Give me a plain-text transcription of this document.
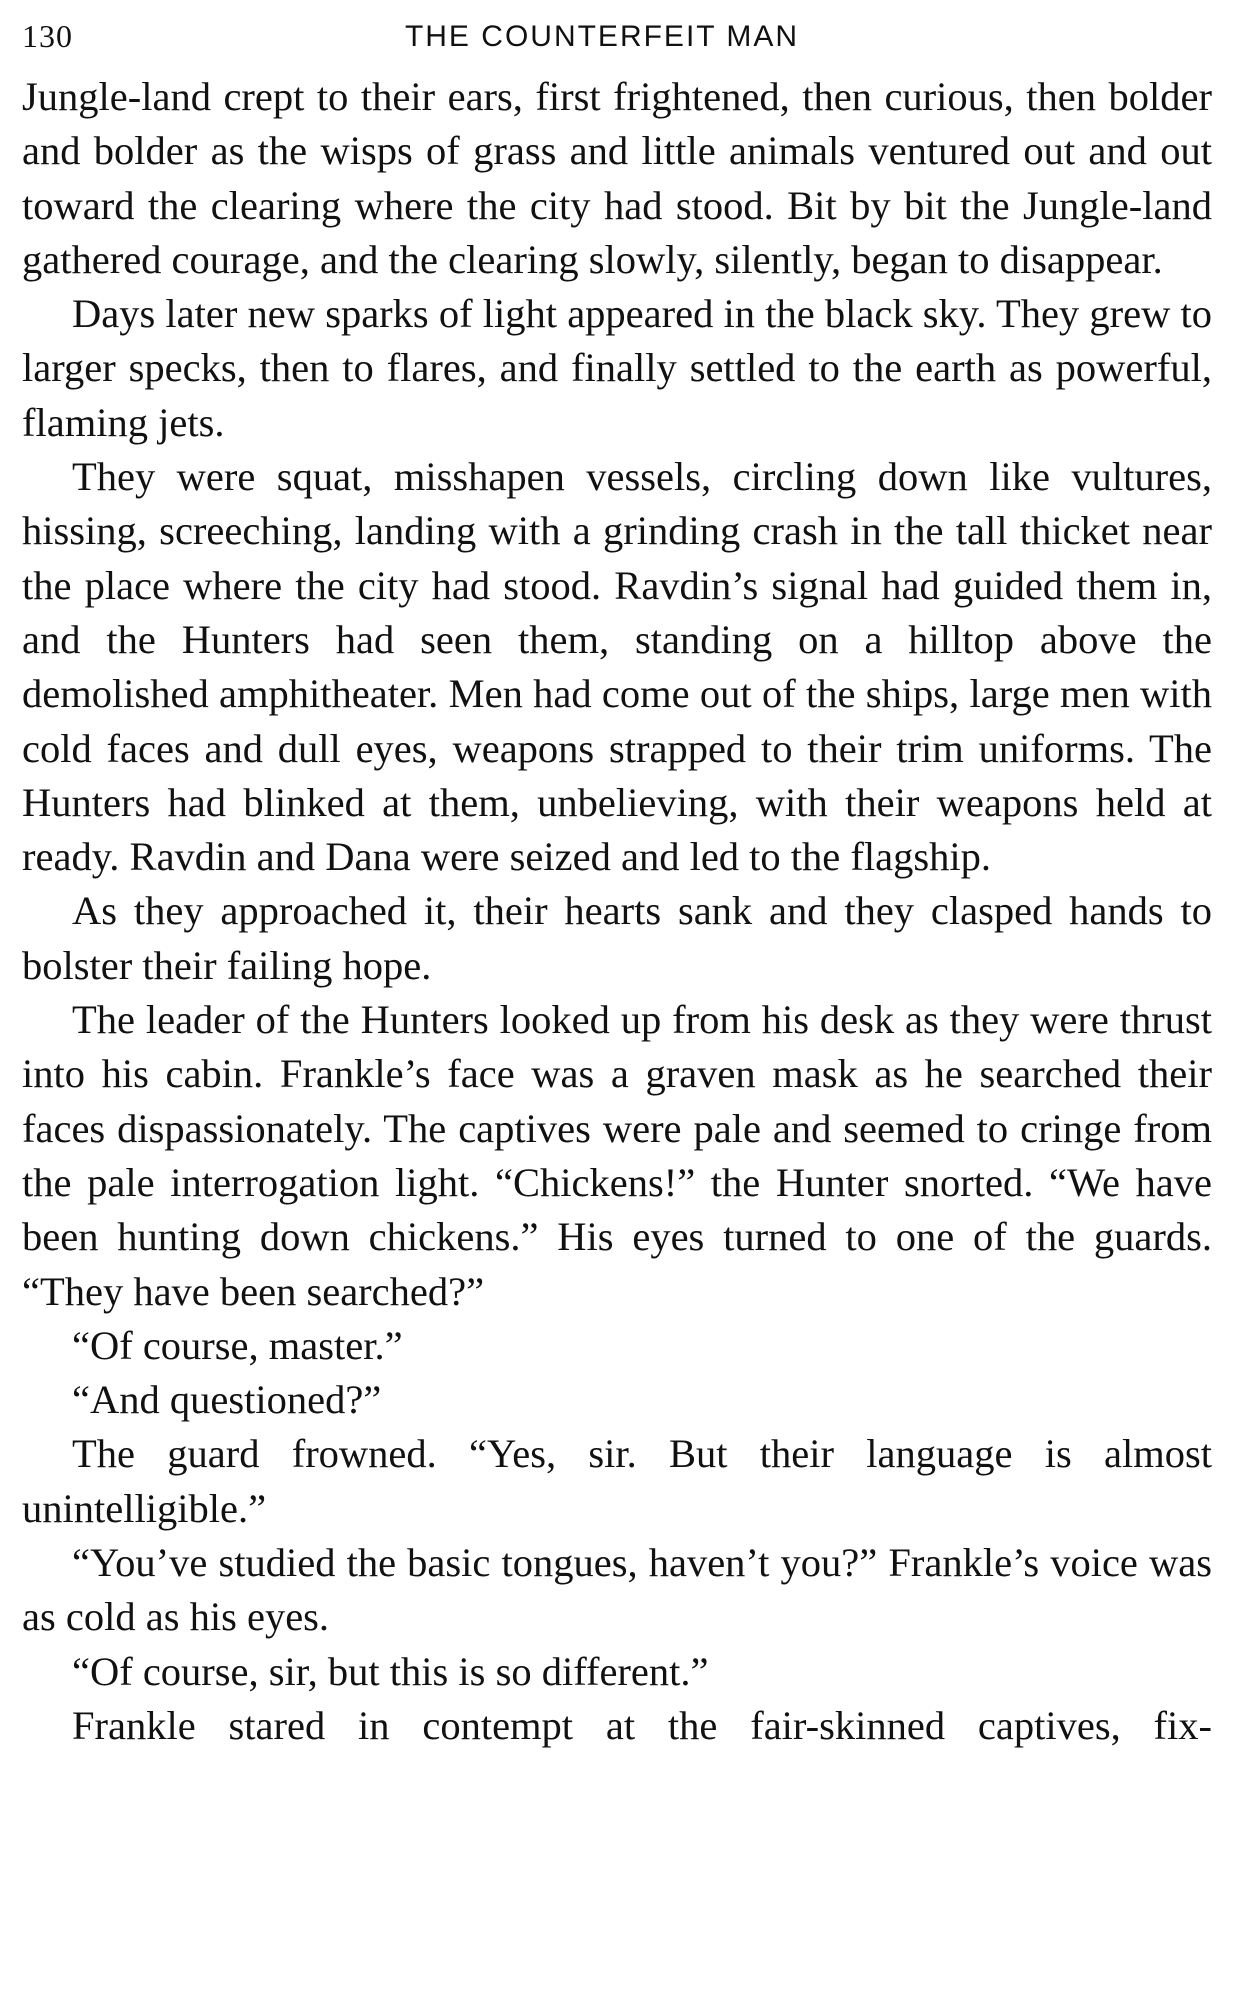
130	THE COUNTERFEIT MAN

Jungle-land crept to their ears, first frightened, then curious, then bolder and bolder as the wisps of grass and little animals ventured out and out toward the clearing where the city had stood. Bit by bit the Jungle-land gathered courage, and the clearing slowly, silently, began to disappear.

Days later new sparks of light appeared in the black sky. They grew to larger specks, then to flares, and finally settled to the earth as powerful, flaming jets.

They were squat, misshapen vessels, circling down like vultures, hissing, screeching, landing with a grinding crash in the tall thicket near the place where the city had stood. Ravdin’s signal had guided them in, and the Hunters had seen them, standing on a hilltop above the demolished amphitheater. Men had come out of the ships, large men with cold faces and dull eyes, weapons strapped to their trim uniforms. The Hunters had blinked at them, unbelieving, with their weapons held at ready. Ravdin and Dana were seized and led to the flagship.

As they approached it, their hearts sank and they clasped hands to bolster their failing hope.

The leader of the Hunters looked up from his desk as they were thrust into his cabin. Frankle’s face was a graven mask as he searched their faces dispassionately. The captives were pale and seemed to cringe from the pale interrogation light. “Chickens!” the Hunter snorted. “We have been hunting down chickens.” His eyes turned to one of the guards. “They have been searched?”

“Of course, master.”

“And questioned?”

The guard frowned. “Yes, sir. But their language is almost unintelligible.”

“You’ve studied the basic tongues, haven’t you?” Frankle’s voice was as cold as his eyes.

“Of course, sir, but this is so different.”

Frankle stared in contempt at the fair-skinned captives, fix-
